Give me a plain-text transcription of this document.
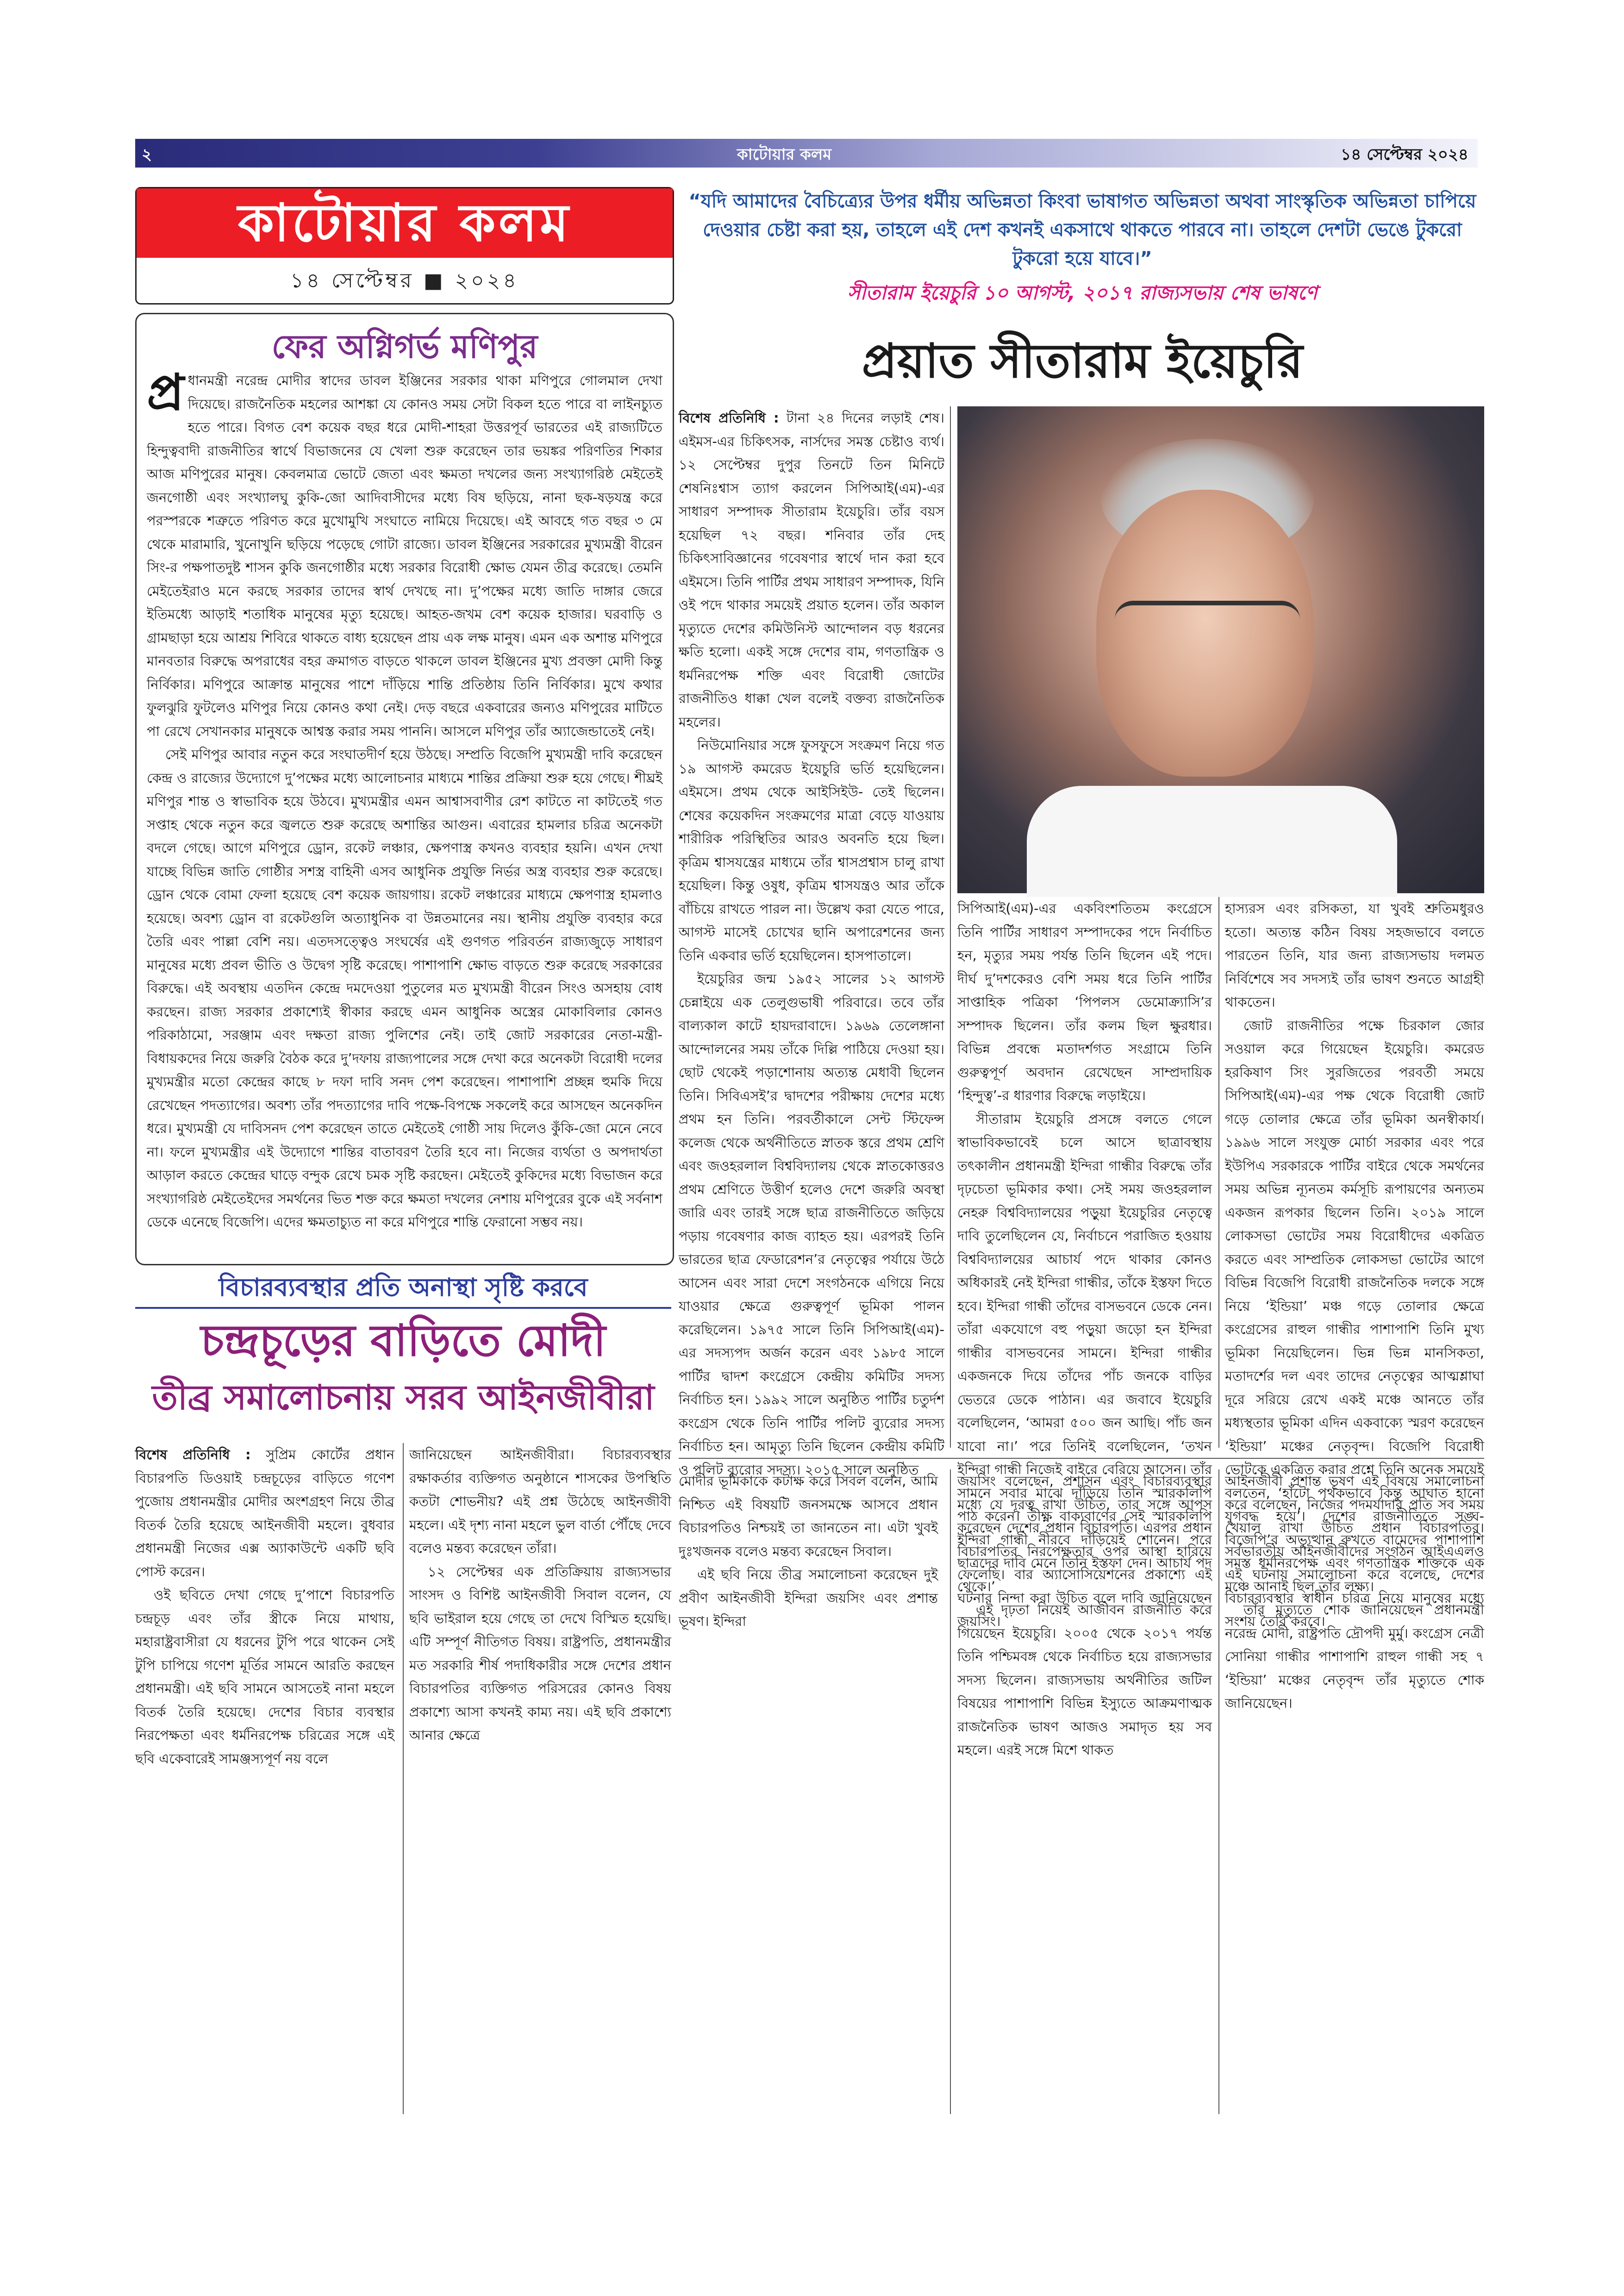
২	কাটোয়ার কলম	১৪ সেপ্টেম্বর ২০২৪
কাটোয়ার কলম
১৪ সেপ্টেম্বর ■ ২০২৪

“যদি আমাদের বৈচিত্র্যের উপর ধর্মীয় অভিন্নতা কিংবা ভাষাগত অভিন্নতা অথবা সাংস্কৃতিক অভিন্নতা চাপিয়ে দেওয়ার চেষ্টা করা হয়, তাহলে এই দেশ কখনই একসাথে থাকতে পারবে না। তাহলে দেশটা ভেঙে টুকরো টুকরো হয়ে যাবে।”

সীতারাম ইয়েচুরি ১০ আগস্ট, ২০১৭ রাজ্যসভায় শেষ ভাষণে
ফের অগ্নিগর্ভ মণিপুর

প্র ধানমন্ত্রী নরেন্দ্র মোদীর স্বাদের ডাবল ইঞ্জিনের সরকার থাকা মণিপুরে গোলমাল দেখা দিয়েছে। রাজনৈতিক মহলের আশঙ্কা যে কোনও সময় সেটা বিকল হতে পারে বা লাইনচ্যুত হতে পারে। বিগত বেশ কয়েক বছর ধরে মোদী-শাহরা উত্তরপূর্ব ভারতের এই রাজ্যটিতে হিন্দুত্ববাদী রাজনীতির স্বার্থে বিভাজনের যে খেলা শুরু করেছেন তার ভয়ঙ্কর পরিণতির শিকার আজ মণিপুরের মানুষ। কেবলমাত্র ভোটে জেতা এবং ক্ষমতা দখলের জন্য সংখ্যাগরিষ্ঠ মেইতেই জনগোষ্ঠী এবং সংখ্যালঘু কুকি-জো আদিবাসীদের মধ্যে বিষ ছড়িয়ে, নানা ছক-ষড়যন্ত্র করে পরস্পরকে শত্রুতে পরিণত করে মুখোমুখি সংঘাতে নামিয়ে দিয়েছে। এই আবহে গত বছর ৩ মে থেকে মারামারি, খুনোখুনি ছড়িয়ে পড়েছে গোটা রাজ্যে। ডাবল ইঞ্জিনের সরকারের মুখ্যমন্ত্রী বীরেন সিং-র পক্ষপাতদুষ্ট শাসন কুকি জনগোষ্ঠীর মধ্যে সরকার বিরোধী ক্ষোভ যেমন তীব্র করেছে। তেমনি মেইতেইরাও মনে করছে সরকার তাদের স্বার্থ দেখছে না। দু’পক্ষের মধ্যে জাতি দাঙ্গার জেরে ইতিমধ্যে আড়াই শতাধিক মানুষের মৃত্যু হয়েছে। আহত-জখম বেশ কয়েক হাজার। ঘরবাড়ি ও গ্রামছাড়া হয়ে আশ্রয় শিবিরে থাকতে বাধ্য হয়েছেন প্রায় এক লক্ষ মানুষ। এমন এক অশান্ত মণিপুরে মানবতার বিরুদ্ধে অপরাধের বহর ক্রমাগত বাড়তে থাকলে ডাবল ইঞ্জিনের মুখ্য প্রবক্তা মোদী কিন্তু নির্বিকার। মণিপুরে আক্রান্ত মানুষের পাশে দাঁড়িয়ে শান্তি প্রতিষ্ঠায় তিনি নির্বিকার। মুখে কথার ফুলঝুরি ফুটলেও মণিপুর নিয়ে কোনও কথা নেই। দেড় বছরে একবারের জন্যও মণিপুরের মাটিতে পা রেখে সেখানকার মানুষকে আশ্বস্ত করার সময় পাননি। আসলে মণিপুর তাঁর অ্যাজেন্ডাতেই নেই।

সেই মণিপুর আবার নতুন করে সংঘাতদীর্ণ হয়ে উঠছে। সম্প্রতি বিজেপি মুখ্যমন্ত্রী দাবি করেছেন কেন্দ্র ও রাজ্যের উদ্যোগে দু’পক্ষের মধ্যে আলোচনার মাধ্যমে শান্তির প্রক্রিয়া শুরু হয়ে গেছে। শীঘ্রই মণিপুর শান্ত ও স্বাভাবিক হয়ে উঠবে। মুখ্যমন্ত্রীর এমন আশ্বাসবাণীর রেশ কাটতে না কাটতেই গত সপ্তাহ থেকে নতুন করে জ্বলতে শুরু করেছে অশান্তির আগুন। এবারের হামলার চরিত্র অনেকটা বদলে গেছে। আগে মণিপুরে ড্রোন, রকেট লঞ্চার, ক্ষেপণাস্ত্র কখনও ব্যবহার হয়নি। এখন দেখা যাচ্ছে বিভিন্ন জাতি গোষ্ঠীর সশস্ত্র বাহিনী এসব আধুনিক প্রযুক্তি নির্ভর অস্ত্র ব্যবহার শুরু করেছে। ড্রোন থেকে বোমা ফেলা হয়েছে বেশ কয়েক জায়গায়। রকেট লঞ্চারের মাধ্যমে ক্ষেপণাস্ত্র হামলাও হয়েছে। অবশ্য ড্রোন বা রকেটগুলি অত্যাধুনিক বা উন্নতমানের নয়। স্থানীয় প্রযুক্তি ব্যবহার করে তৈরি এবং পাল্লা বেশি নয়। এতদসত্ত্বেও সংঘর্ষের এই গুণগত পরিবর্তন রাজ্যজুড়ে সাধারণ মানুষের মধ্যে প্রবল ভীতি ও উদ্বেগ সৃষ্টি করেছে। পাশাপাশি ক্ষোভ বাড়তে শুরু করেছে সরকারের বিরুদ্ধে। এই অবস্থায় এতদিন কেন্দ্রে দমদেওয়া পুতুলের মত মুখ্যমন্ত্রী বীরেন সিংও অসহায় বোধ করছেন। রাজ্য সরকার প্রকাশ্যেই স্বীকার করছে এমন আধুনিক অস্ত্রের মোকাবিলার কোনও পরিকাঠামো, সরঞ্জাম এবং দক্ষতা রাজ্য পুলিশের নেই। তাই জোট সরকারের নেতা-মন্ত্রী- বিধায়কদের নিয়ে জরুরি বৈঠক করে দু’দফায় রাজ্যপালের সঙ্গে দেখা করে অনেকটা বিরোধী দলের মুখ্যমন্ত্রীর মতো কেন্দ্রের কাছে ৮ দফা দাবি সনদ পেশ করেছেন। পাশাপাশি প্রচ্ছন্ন হুমকি দিয়ে রেখেছেন পদত্যাগের। অবশ্য তাঁর পদত্যাগের দাবি পক্ষে-বিপক্ষে সকলেই করে আসছেন অনেকদিন ধরে। মুখ্যমন্ত্রী যে দাবিসনদ পেশ করেছেন তাতে মেইতেই গোষ্ঠী সায় দিলেও কুঁকি-জো মেনে নেবে না। ফলে মুখ্যমন্ত্রীর এই উদ্যোগে শান্তির বাতাবরণ তৈরি হবে না। নিজের ব্যর্থতা ও অপদার্থতা আড়াল করতে কেন্দ্রের ঘাড়ে বন্দুক রেখে চমক সৃষ্টি করছেন। মেইতেই কুকিদের মধ্যে বিভাজন করে সংখ্যাগরিষ্ঠ মেইতেইদের সমর্থনের ভিত শক্ত করে ক্ষমতা দখলের নেশায় মণিপুরের বুকে এই সর্বনাশ ডেকে এনেছে বিজেপি। এদের ক্ষমতাচ্যুত না করে মণিপুরে শান্তি ফেরানো সম্ভব নয়।

প্রয়াত সীতারাম ইয়েচুরি

বিশেষ প্রতিনিধি : টানা ২৪ দিনের লড়াই শেষ। এইমস-এর চিকিৎসক, নার্সদের সমস্ত চেষ্টাও ব্যর্থ। ১২ সেপ্টেম্বর দুপুর তিনটে তিন মিনিটে শেষনিঃশ্বাস ত্যাগ করলেন সিপিআই(এম)-এর সাধারণ সম্পাদক সীতারাম ইয়েচুরি। তাঁর বয়স হয়েছিল ৭২ বছর। শনিবার তাঁর দেহ চিকিৎসাবিজ্ঞানের গবেষণার স্বার্থে দান করা হবে এইমসে। তিনি পার্টির প্রথম সাধারণ সম্পাদক, যিনি ওই পদে থাকার সময়েই প্রয়াত হলেন। তাঁর অকাল মৃত্যুতে দেশের কমিউনিস্ট আন্দোলন বড় ধরনের ক্ষতি হলো। একই সঙ্গে দেশের বাম, গণতান্ত্রিক ও ধর্মনিরপেক্ষ শক্তি এবং বিরোধী জোটের রাজনীতিও ধাক্কা খেল বলেই বক্তব্য রাজনৈতিক মহলের।

নিউমোনিয়ার সঙ্গে ফুসফুসে সংক্রমণ নিয়ে গত ১৯ আগস্ট কমরেড ইয়েচুরি ভর্তি হয়েছিলেন। এইমসে। প্রথম থেকে আইসিইউ- তেই ছিলেন। শেষের কয়েকদিন সংক্রমণের মাত্রা বেড়ে যাওয়ায় শারীরিক পরিস্থিতির আরও অবনতি হয়ে ছিল। কৃত্রিম শ্বাসযন্ত্রের মাধ্যমে তাঁর শ্বাসপ্রশ্বাস চালু রাখা হয়েছিল। কিন্তু ওষুধ, কৃত্রিম শ্বাসযন্ত্রও আর তাঁকে বাঁচিয়ে রাখতে পারল না। উল্লেখ করা যেতে পারে, আগস্ট মাসেই চোখের ছানি অপারেশনের জন্য তিনি একবার ভর্তি হয়েছিলেন। হাসপাতালে।

ইয়েচুরির জন্ম ১৯৫২ সালের ১২ আগস্ট চেন্নাইয়ে এক তেলুগুভাষী পরিবারে। তবে তাঁর বাল্যকাল কাটে হায়দরাবাদে। ১৯৬৯ তেলেঙ্গানা আন্দোলনের সময় তাঁকে দিল্লি পাঠিয়ে দেওয়া হয়। ছোট থেকেই পড়াশোনায় অত্যন্ত মেধাবী ছিলেন তিনি। সিবিএসই’র দ্বাদশের পরীক্ষায় দেশের মধ্যে প্রথম হন তিনি। পরবর্তীকালে সেন্ট স্টিফেন্স কলেজ থেকে অর্থনীতিতে স্নাতক স্তরে প্রথম শ্রেণি এবং জওহরলাল বিশ্ববিদ্যালয় থেকে স্নাতকোত্তরও প্রথম শ্রেণিতে উত্তীর্ণ হলেও দেশে জরুরি অবস্থা জারি এবং তারই সঙ্গে ছাত্র রাজনীতিতে জড়িয়ে পড়ায় গবেষণার কাজ ব্যাহত হয়। এরপরই তিনি ভারতের ছাত্র ফেডারেশন’র নেতৃত্বের পর্যায়ে উঠে আসেন এবং সারা দেশে সংগঠনকে এগিয়ে নিয়ে যাওয়ার ক্ষেত্রে গুরুত্বপূর্ণ ভূমিকা পালন করেছিলেন। ১৯৭৫ সালে তিনি সিপিআই(এম)-এর সদস্যপদ অর্জন করেন এবং ১৯৮৫ সালে পার্টির দ্বাদশ কংগ্রেসে কেন্দ্রীয় কমিটির সদস্য নির্বাচিত হন। ১৯৯২ সালে অনুষ্ঠিত পার্টির চতুর্দশ কংগ্রেস থেকে তিনি পার্টির পলিট ব্যুরোর সদস্য নির্বাচিত হন। আমৃত্যু তিনি ছিলেন কেন্দ্রীয় কমিটি ও পলিট ব্যুরোর সদস্য। ২০১৫ সালে অনুষ্ঠিত

সিপিআই(এম)-এর একবিংশতিতম কংগ্রেসে তিনি পার্টির সাধারণ সম্পাদকের পদে নির্বাচিত হন, মৃত্যুর সময় পর্যন্ত তিনি ছিলেন এই পদে। দীর্ঘ দু’দশকেরও বেশি সময় ধরে তিনি পার্টির সাপ্তাহিক পত্রিকা ‘পিপলস ডেমোক্র্যাসি’র সম্পাদক ছিলেন। তাঁর কলম ছিল ক্ষুরধার। বিভিন্ন প্রবন্ধে মতাদর্শগত সংগ্রামে তিনি গুরুত্বপূর্ণ অবদান রেখেছেন সাম্প্রদায়িক ‘হিন্দুত্ব’-র ধারণার বিরুদ্ধে লড়াইয়ে।

সীতারাম ইয়েচুরি প্রসঙ্গে বলতে গেলে স্বাভাবিকভাবেই চলে আসে ছাত্রাবস্থায় তৎকালীন প্রধানমন্ত্রী ইন্দিরা গান্ধীর বিরুদ্ধে তাঁর দৃঢ়চেতা ভূমিকার কথা। সেই সময় জওহরলাল নেহরু বিশ্ববিদ্যালয়ের পড়ুয়া ইয়েচুরির নেতৃত্বে দাবি তুলেছিলেন যে, নির্বাচনে পরাজিত হওয়ায় বিশ্ববিদ্যালয়ের আচার্য পদে থাকার কোনও অধিকারই নেই ইন্দিরা গান্ধীর, তাঁকে ইস্তফা দিতে হবে। ইন্দিরা গান্ধী তাঁদের বাসভবনে ডেকে নেন। তাঁরা একযোগে বহু পড়ুয়া জড়ো হন ইন্দিরা গান্ধীর বাসভবনের সামনে। ইন্দিরা গান্ধীর একজনকে দিয়ে তাঁদের পাঁচ জনকে বাড়ির ভেতরে ডেকে পাঠান। এর জবাবে ইয়েচুরি বলেছিলেন, ‘আমরা ৫০০ জন আছি। পাঁচ জন যাবো না।’ পরে তিনিই বলেছিলেন, ‘তখন ইন্দিরা গান্ধী নিজেই বাইরে বেরিয়ে আসেন। তাঁর সামনে সবার মাঝে দাঁড়িয়ে তিনি স্মারকলিপি পাঠ করেন। তীক্ষ্ণ বাক্যবাণের সেই স্মারকলিপি ইন্দিরা গান্ধী নীরবে দাঁড়িয়েই শোনেন। পরে ছাত্রদের দাবি মেনে তিনি ইস্তফা দেন। আচার্য পদ থেকে।’

এই দৃঢ়তা নিয়েই আজীবন রাজনীতি করে গিয়েছেন ইয়েচুরি। ২০০৫ থেকে ২০১৭ পর্যন্ত তিনি পশ্চিমবঙ্গ থেকে নির্বাচিত হয়ে রাজ্যসভার সদস্য ছিলেন। রাজ্যসভায় অর্থনীতির জটিল বিষয়ের পাশাপাশি বিভিন্ন ইস্যুতে আক্রমণাত্মক রাজনৈতিক ভাষণ আজও সমাদৃত হয় সব মহলে। এরই সঙ্গে মিশে থাকত

হাস্যরস এবং রসিকতা, যা খুবই শ্রুতিমধুরও হতো। অত্যন্ত কঠিন বিষয় সহজভাবে বলতে পারতেন তিনি, যার জন্য রাজ্যসভায় দলমত নির্বিশেষে সব সদস্যই তাঁর ভাষণ শুনতে আগ্রহী থাকতেন।

জোট রাজনীতির পক্ষে চিরকাল জোর সওয়াল করে গিয়েছেন ইয়েচুরি। কমরেড হরকিষাণ সিং সুরজিতের পরবর্তী সময়ে সিপিআই(এম)-এর পক্ষ থেকে বিরোধী জোট গড়ে তোলার ক্ষেত্রে তাঁর ভূমিকা অনস্বীকার্য। ১৯৯৬ সালে সংযুক্ত মোর্চা সরকার এবং পরে ইউপিএ সরকারকে পার্টির বাইরে থেকে সমর্থনের সময় অভিন্ন ন্যূনতম কর্মসূচি রূপায়ণের অন্যতম একজন রূপকার ছিলেন তিনি। ২০১৯ সালে লোকসভা ভোটের সময় বিরোধীদের একত্রিত করতে এবং সাম্প্রতিক লোকসভা ভোটের আগে বিভিন্ন বিজেপি বিরোধী রাজনৈতিক দলকে সঙ্গে নিয়ে ‘ইন্ডিয়া’ মঞ্চ গড়ে তোলার ক্ষেত্রে কংগ্রেসের রাহুল গান্ধীর পাশাপাশি তিনি মুখ্য ভূমিকা নিয়েছিলেন। ভিন্ন ভিন্ন মানসিকতা, মতাদর্শের দল এবং তাদের নেতৃত্বের আত্মশ্লাঘা দূরে সরিয়ে রেখে একই মঞ্চে আনতে তাঁর মধ্যস্থতার ভূমিকা এদিন একবাক্যে স্মরণ করেছেন ‘ইন্ডিয়া’ মঞ্চের নেতৃবৃন্দ। বিজেপি বিরোধী ভোটকে একত্রিত করার প্রশ্নে তিনি অনেক সময়েই বলতেন, ‘হাঁটো পৃথকভাবে কিন্তু আঘাত হানো যুগবদ্ধ হয়ে’। দেশের রাজনীতিতে সঙ্ঘ-বিজেপি’র অভ্যুত্থান রুখতে বামেদের পাশাপাশি সমস্ত ধর্মনিরপেক্ষ এবং গণতান্ত্রিক শক্তিকে এক মঞ্চে আনাই ছিল তাঁর লক্ষ্য।

তাঁর মৃত্যুতে শোক জানিয়েছেন প্রধানমন্ত্রী নরেন্দ্র মোদী, রাষ্ট্রপতি দ্রৌপদী মুর্মু। কংগ্রেস নেত্রী সোনিয়া গান্ধীর পাশাপাশি রাহুল গান্ধী সহ ৭ ‘ইন্ডিয়া’ মঞ্চের নেতৃবৃন্দ তাঁর মৃত্যুতে শোক জানিয়েছেন।

বিচারব্যবস্থার প্রতি অনাস্থা সৃষ্টি করবে
চন্দ্রচূড়ের বাড়িতে মোদী
তীব্র সমালোচনায় সরব আইনজীবীরা

বিশেষ প্রতিনিধি : সুপ্রিম কোর্টের প্রধান বিচারপতি ডিওয়াই চন্দ্রচূড়ের বাড়িতে গণেশ পুজোয় প্রধানমন্ত্রীর মোদীর অংশগ্রহণ নিয়ে তীব্র বিতর্ক তৈরি হয়েছে আইনজীবী মহলে। বুধবার প্রধানমন্ত্রী নিজের এক্স অ্যাকাউন্টে একটি ছবি পোস্ট করেন।

ওই ছবিতে দেখা গেছে দু’পাশে বিচারপতি চন্দ্রচূড় এবং তাঁর স্ত্রীকে নিয়ে মাথায়, মহারাষ্ট্রবাসীরা যে ধরনের টুপি পরে থাকেন সেই টুপি চাপিয়ে গণেশ মূর্তির সামনে আরতি করছেন প্রধানমন্ত্রী। এই ছবি সামনে আসতেই নানা মহলে বিতর্ক তৈরি হয়েছে। দেশের বিচার ব্যবস্থার নিরপেক্ষতা এবং ধর্মনিরপেক্ষ চরিত্রের সঙ্গে এই ছবি একেবারেই সামঞ্জস্যপূর্ণ নয় বলে

জানিয়েছেন আইনজীবীরা। বিচারব্যবস্থার রক্ষাকর্তার ব্যক্তিগত অনুষ্ঠানে শাসকের উপস্থিতি কতটা শোভনীয়? এই প্রশ্ন উঠেছে আইনজীবী মহলে। এই দৃশ্য নানা মহলে ভুল বার্তা পৌঁছে দেবে বলেও মন্তব্য করেছেন তাঁরা।

১২ সেপ্টেম্বর এক প্রতিক্রিয়ায় রাজ্যসভার সাংসদ ও বিশিষ্ট আইনজীবী সিবাল বলেন, যে ছবি ভাইরাল হয়ে গেছে তা দেখে বিস্মিত হয়েছি। এটি সম্পূর্ণ নীতিগত বিষয়। রাষ্ট্রপতি, প্রধানমন্ত্রীর মত সরকারি শীর্ষ পদাধিকারীর সঙ্গে দেশের প্রধান বিচারপতির ব্যক্তিগত পরিসরের কোনও বিষয় প্রকাশ্যে আসা কখনই কাম্য নয়। এই ছবি প্রকাশ্যে আনার ক্ষেত্রে

মোদীর ভূমিকাকে কটাক্ষ করে সিবল বলেন, আমি নিশ্চিত এই বিষয়টি জনসমক্ষে আসবে প্রধান বিচারপতিও নিশ্চয়ই তা জানতেন না। এটা খুবই দুঃখজনক বলেও মন্তব্য করেছেন সিবাল।

এই ছবি নিয়ে তীব্র সমালোচনা করেছেন দুই প্রবীণ আইনজীবী ইন্দিরা জয়সিং এবং প্রশান্ত ভূষণ। ইন্দিরা

জয়সিং বলেছেন, প্রশাসন এবং বিচারব্যবস্থার মধ্যে যে দূরত্ব রাখা উচিত, তার সঙ্গে আপস করেছেন দেশের প্রধান বিচারপতি। এরপর প্রধান বিচারপতির নিরপেক্ষতার ওপর আস্থা হারিয়ে ফেলেছি। বার অ্যাসোসিয়েশনের প্রকাশ্যে এই ঘটনার নিন্দা করা উচিত বলে দাবি জানিয়েছেন জয়সিং।

আইনজীবী প্রশান্ত ভূষণ এই বিষয়ে সমালোচনা করে বলেছেন, নিজের পদমর্যাদার প্রতি সব সময় খেয়াল রাখা উচিত প্রধান বিচারপতির। সর্বভারতীয় আইনজীবীদের সংগঠন আইএএলও এই ঘটনায় সমালোচনা করে বলেছে, দেশের বিচারব্যবস্থার স্বাধীন চরিত্র নিয়ে মানুষের মধ্যে সংশয় তৈরি করবে।
